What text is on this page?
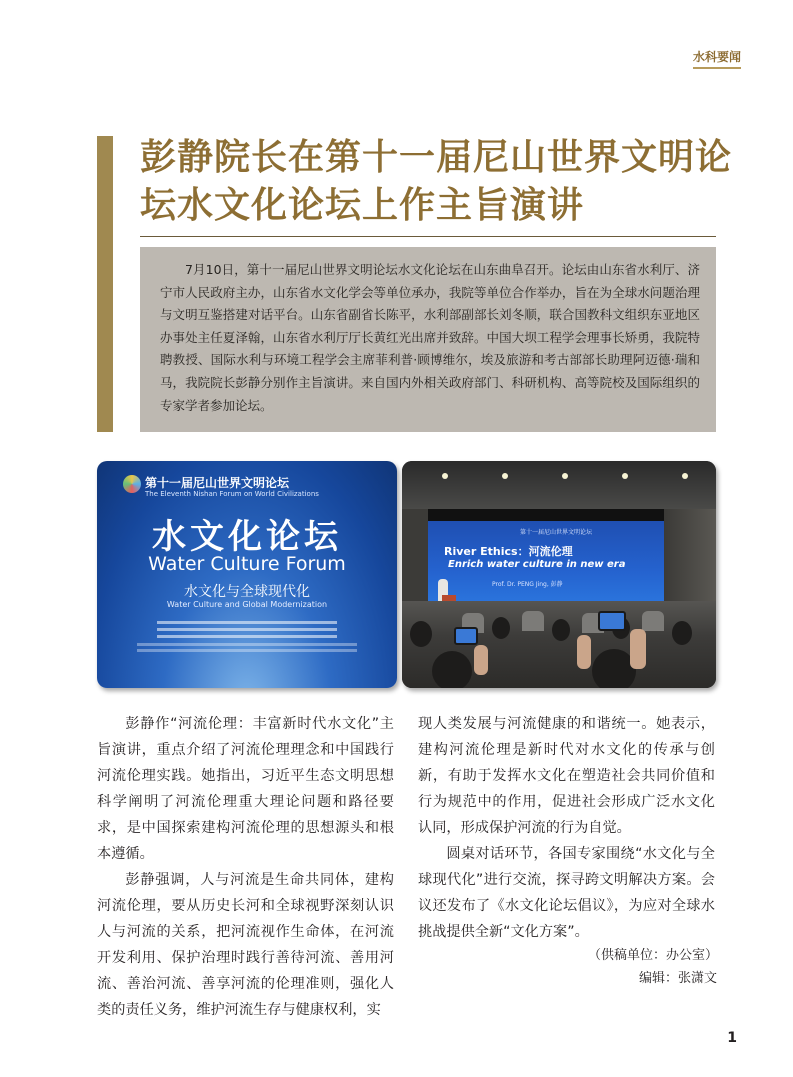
水科要闻
彭静院长在第十一届尼山世界文明论
坛水文化论坛上作主旨演讲

7月10日，第十一届尼山世界文明论坛水文化论坛在山东曲阜召开。论坛由山东省水利厅、济宁市人民政府主办，山东省水文化学会等单位承办，我院等单位合作举办，旨在为全球水问题治理与文明互鉴搭建对话平台。山东省副省长陈平，水利部副部长刘冬顺，联合国教科文组织东亚地区办事处主任夏泽翰，山东省水利厅厅长黄红光出席并致辞。中国大坝工程学会理事长矫勇，我院特聘教授、国际水利与环境工程学会主席菲利普·顾博维尔，埃及旅游和考古部部长助理阿迈德·瑞和马，我院院长彭静分别作主旨演讲。来自国内外相关政府部门、科研机构、高等院校及国际组织的专家学者参加论坛。

第十一届尼山世界文明论坛
The Eleventh Nishan Forum on World Civilizations
水文化论坛
Water Culture Forum
水文化与全球现代化
Water Culture and Global Modernization
第十一届尼山世界文明论坛
River Ethics：河流伦理
Enrich water culture in new era
Prof. Dr. PENG Jing, 彭静

彭静作“河流伦理：丰富新时代水文化”主旨演讲，重点介绍了河流伦理理念和中国践行河流伦理实践。她指出，习近平生态文明思想科学阐明了河流伦理重大理论问题和路径要求，是中国探索建构河流伦理的思想源头和根本遵循。

彭静强调，人与河流是生命共同体，建构河流伦理，要从历史长河和全球视野深刻认识人与河流的关系，把河流视作生命体，在河流开发利用、保护治理时践行善待河流、善用河流、善治河流、善享河流的伦理准则，强化人类的责任义务，维护河流生存与健康权利，实

现人类发展与河流健康的和谐统一。她表示，建构河流伦理是新时代对水文化的传承与创新，有助于发挥水文化在塑造社会共同价值和行为规范中的作用，促进社会形成广泛水文化认同，形成保护河流的行为自觉。

圆桌对话环节，各国专家围绕“水文化与全球现代化”进行交流，探寻跨文明解决方案。会议还发布了《水文化论坛倡议》，为应对全球水挑战提供全新“文化方案”。

（供稿单位：办公室）
编辑：张潇文
1
